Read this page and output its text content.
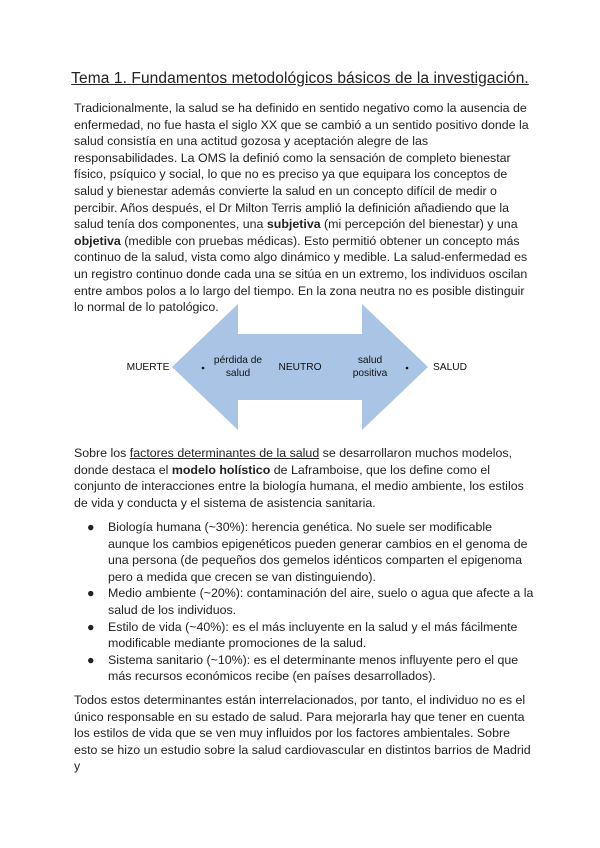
Tema 1. Fundamentos metodológicos básicos de la investigación.

Tradicionalmente, la salud se ha definido en sentido negativo como la ausencia de enfermedad, no fue hasta el siglo XX que se cambió a un sentido positivo donde la salud consistía en una actitud gozosa y aceptación alegre de las responsabilidades. La OMS la definió como la sensación de completo bienestar físico, psíquico y social, lo que no es preciso ya que equipara los conceptos de salud y bienestar además convierte la salud en un concepto difícil de medir o percibir. Años después, el Dr Milton Terris amplió la definición añadiendo que la salud tenía dos componentes, una subjetiva (mi percepción del bienestar) y una objetiva (medible con pruebas médicas). Esto permitió obtener un concepto más continuo de la salud, vista como algo dinámico y medible. La salud-enfermedad es un registro continuo donde cada una se sitúa en un extremo, los individuos oscilan entre ambos polos a lo largo del tiempo. En la zona neutra no es posible distinguir lo normal de lo patológico.

MUERTE
pérdida de
salud	NEUTRO
salud
positiva	SALUD

Sobre los factores determinantes de la salud se desarrollaron muchos modelos, donde destaca el modelo holístico de Laframboise, que los define como el conjunto de interacciones entre la biología humana, el medio ambiente, los estilos de vida y conducta y el sistema de asistencia sanitaria.

● Biología humana (~30%): herencia genética. No suele ser modificable aunque los cambios epigenéticos pueden generar cambios en el genoma de una persona (de pequeños dos gemelos idénticos comparten el epigenoma pero a medida que crecen se van distinguiendo).
● Medio ambiente (~20%): contaminación del aire, suelo o agua que afecte a la salud de los individuos.
● Estilo de vida (~40%): es el más incluyente en la salud y el más fácilmente modificable mediante promociones de la salud.
● Sistema sanitario (~10%): es el determinante menos influyente pero el que más recursos económicos recibe (en países desarrollados).

Todos estos determinantes están interrelacionados, por tanto, el individuo no es el único responsable en su estado de salud. Para mejorarla hay que tener en cuenta los estilos de vida que se ven muy influidos por los factores ambientales. Sobre esto se hizo un estudio sobre la salud cardiovascular en distintos barrios de Madrid y
